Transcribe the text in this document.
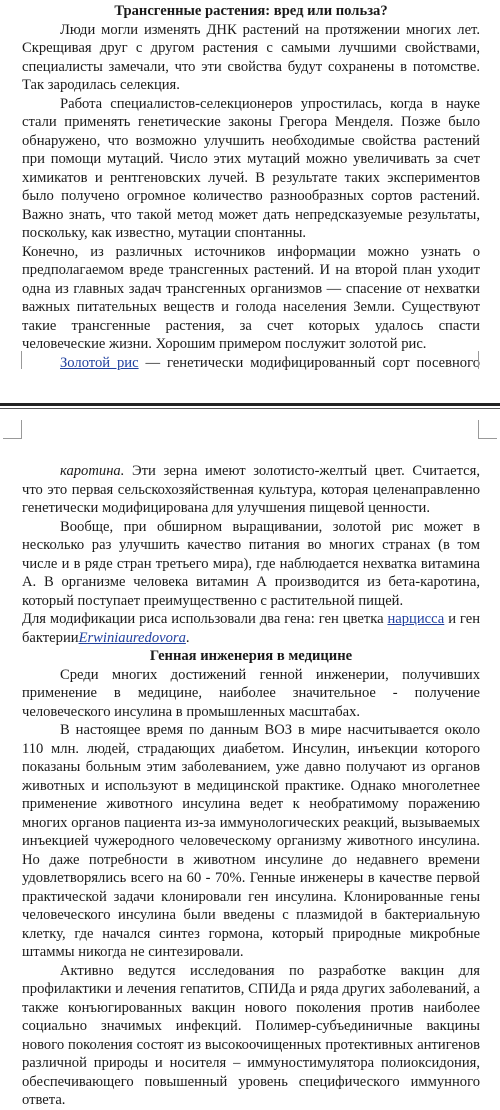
Трансгенные растения: вред или польза?

Люди могли изменять ДНК растений на протяжении многих лет. Скрещивая друг с другом растения с самыми лучшими свойствами, специалисты замечали, что эти свойства будут сохранены в потомстве. Так зародилась селекция.

Работа специалистов-селекционеров упростилась, когда в науке стали применять генетические законы Грегора Менделя. Позже было обнаружено, что возможно улучшить необходимые свойства растений при помощи мутаций. Число этих мутаций можно увеличивать за счет химикатов и рентгеновских лучей. В результате таких экспериментов было получено огромное количество разнообразных сортов растений. Важно знать, что такой метод может дать непредсказуемые результаты, поскольку, как известно, мутации спонтанны.

Конечно, из различных источников информации можно узнать о предполагаемом вреде трансгенных растений. И на второй план уходит одна из главных задач трансгенных организмов — спасение от нехватки важных питательных веществ и голода населения Земли. Существуют такие трансгенные растения, за счет которых удалось спасти человеческие жизни. Хорошим примером послужит золотой рис.

Золотой рис — генетически модифицированный сорт посевного

каротина. Эти зерна имеют золотисто-желтый цвет. Считается, что это первая сельскохозяйственная культура, которая целенаправленно генетически модифицирована для улучшения пищевой ценности.

Вообще, при обширном выращивании, золотой рис может в несколько раз улучшить качество питания во многих странах (в том числе и в ряде стран третьего мира), где наблюдается нехватка витамина А. В организме человека витамин А производится из бета-каротина, который поступает преимущественно с растительной пищей.

Для модификации риса использовали два гена: ген цветка нарцисса и ген бактерииErwiniauredovora.

Генная инженерия в медицине

Среди многих достижений генной инженерии, получивших применение в медицине, наиболее значительное - получение человеческого инсулина в промышленных масштабах.

В настоящее время по данным ВОЗ в мире насчитывается около 110 млн. людей, страдающих диабетом. Инсулин, инъекции которого показаны больным этим заболеванием, уже давно получают из органов животных и используют в медицинской практике. Однако многолетнее применение животного инсулина ведет к необратимому поражению многих органов пациента из-за иммунологических реакций, вызываемых инъекцией чужеродного человеческому организму животного инсулина. Но даже потребности в животном инсулине до недавнего времени удовлетворялись всего на 60 - 70%. Генные инженеры в качестве первой практической задачи клонировали ген инсулина. Клонированные гены человеческого инсулина были введены с плазмидой в бактериальную клетку, где начался синтез гормона, который природные микробные штаммы никогда не синтезировали.

Активно ведутся исследования по разработке вакцин для профилактики и лечения гепатитов, СПИДа и ряда других заболеваний, а также конъюгированных вакцин нового поколения против наиболее социально значимых инфекций. Полимер-субъединичные вакцины нового поколения состоят из высокоочищенных протективных антигенов различной природы и носителя – иммуностимулятора полиоксидония, обеспечивающего повышенный уровень специфического иммунного ответа.
